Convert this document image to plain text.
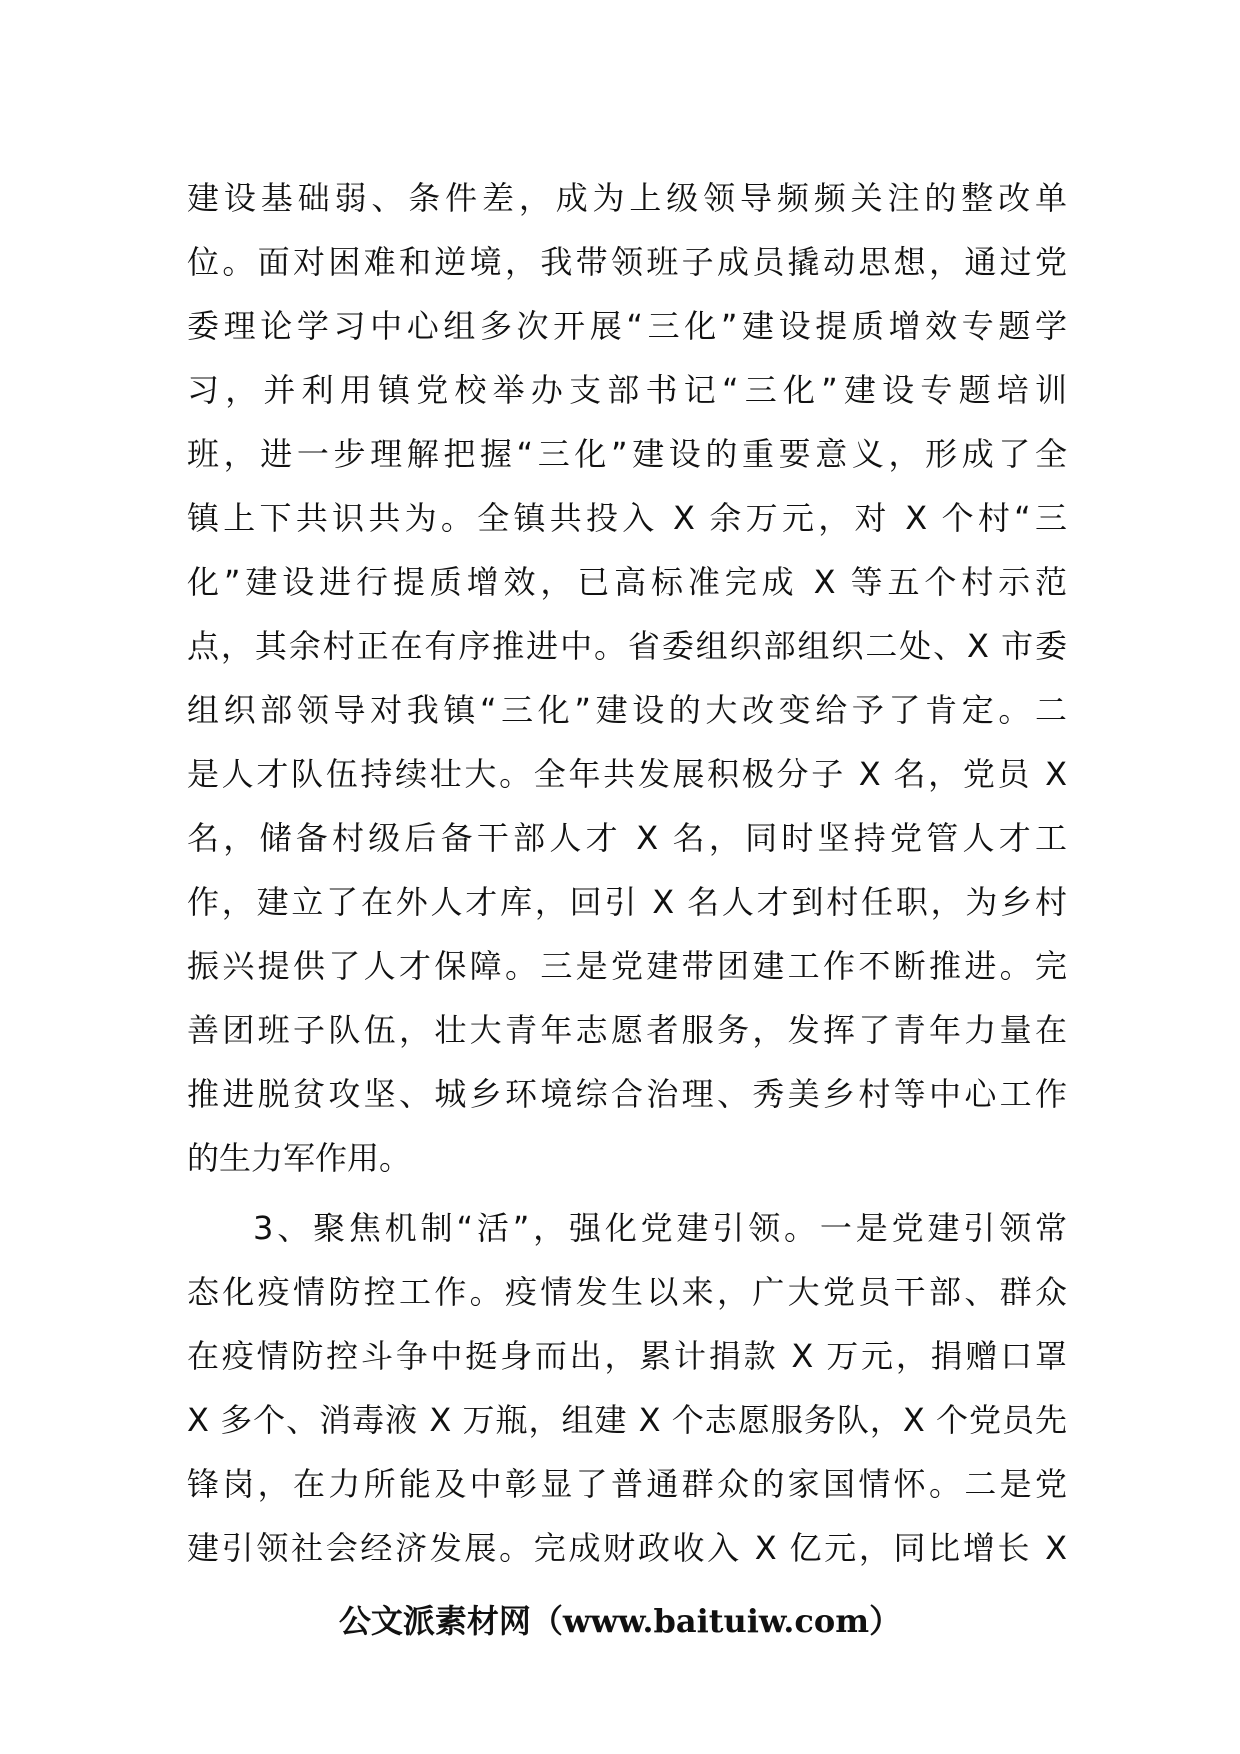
建设基础弱、条件差，成为上级领导频频关注的整改单
位。面对困难和逆境，我带领班子成员撬动思想，通过党
委理论学习中心组多次开展“三化”建设提质增效专题学
习，并利用镇党校举办支部书记“三化”建设专题培训
班，进一步理解把握“三化”建设的重要意义，形成了全
镇上下共识共为。全镇共投入 X 余万元，对 X 个村“三
化”建设进行提质增效，已高标准完成 X 等五个村示范
点，其余村正在有序推进中。省委组织部组织二处、X 市委
组织部领导对我镇“三化”建设的大改变给予了肯定。二
是人才队伍持续壮大。全年共发展积极分子 X 名，党员 X
名，储备村级后备干部人才 X 名，同时坚持党管人才工
作，建立了在外人才库，回引 X 名人才到村任职，为乡村
振兴提供了人才保障。三是党建带团建工作不断推进。完
善团班子队伍，壮大青年志愿者服务，发挥了青年力量在
推进脱贫攻坚、城乡环境综合治理、秀美乡村等中心工作
的生力军作用。
3、聚焦机制“活”，强化党建引领。一是党建引领常
态化疫情防控工作。疫情发生以来，广大党员干部、群众
在疫情防控斗争中挺身而出，累计捐款 X 万元，捐赠口罩
X 多个、消毒液 X 万瓶，组建 X 个志愿服务队，X 个党员先
锋岗，在力所能及中彰显了普通群众的家国情怀。二是党
建引领社会经济发展。完成财政收入 X 亿元，同比增长 X
公文派素材网（www.baituiw.com）
